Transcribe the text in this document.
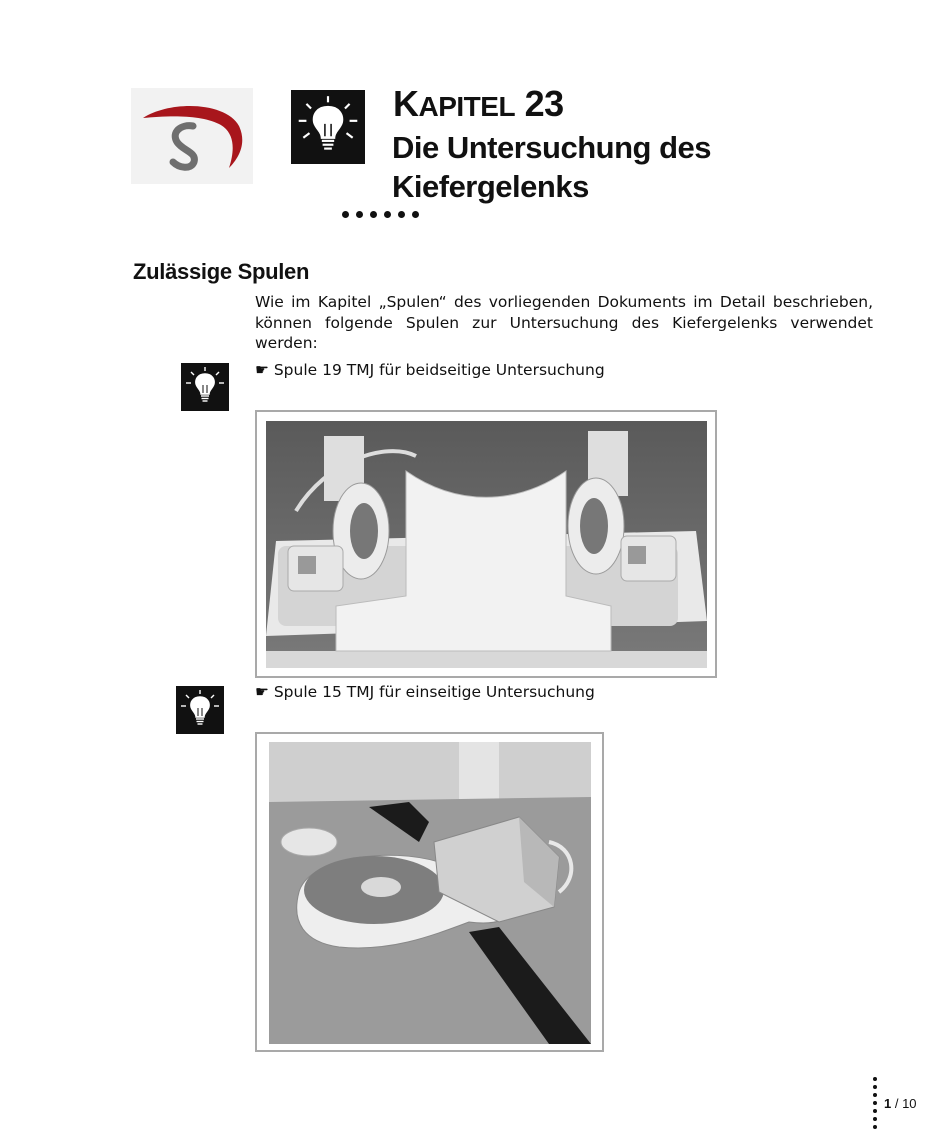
KAPITEL 23
Die Untersuchung des Kiefergelenks
Zulässige Spulen

Wie im Kapitel „Spulen“ des vorliegenden Dokuments im Detail beschrieben, können folgende Spulen zur Untersuchung des Kiefergelenks verwendet werden:

☛ Spule 19 TMJ für beidseitige Untersuchung

☛ Spule 15 TMJ für einseitige Untersuchung

1 / 10
